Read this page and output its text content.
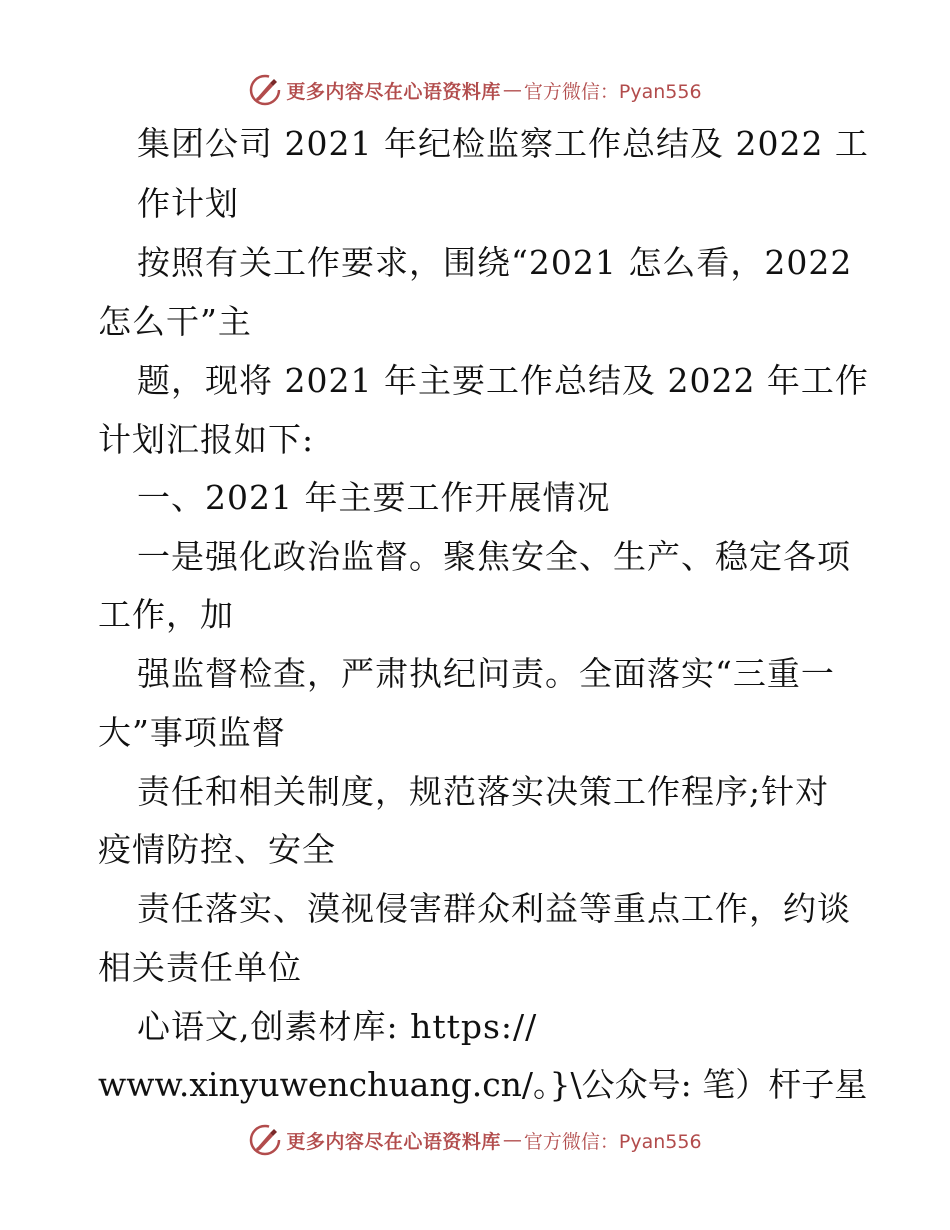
更多内容尽在心语资料库 — 官方微信：Pyan556
集团公司 2021 年纪检监察工作总结及 2022 工
作计划
按照有关工作要求，围绕“2021 怎么看，2022
怎么干”主
题，现将 2021 年主要工作总结及 2022 年工作
计划汇报如下:
一、2021 年主要工作开展情况
一是强化政治监督。聚焦安全、生产、稳定各项
工作，加
强监督检查，严肃执纪问责。全面落实“三重一
大”事项监督
责任和相关制度，规范落实决策工作程序;针对
疫情防控、安全
责任落实、漠视侵害群众利益等重点工作，约谈
相关责任单位
心语文,创素材库: https://
www.xinyuwenchuang.cn/。}\公众号: 笔）杆子星
更多内容尽在心语资料库 — 官方微信：Pyan556
